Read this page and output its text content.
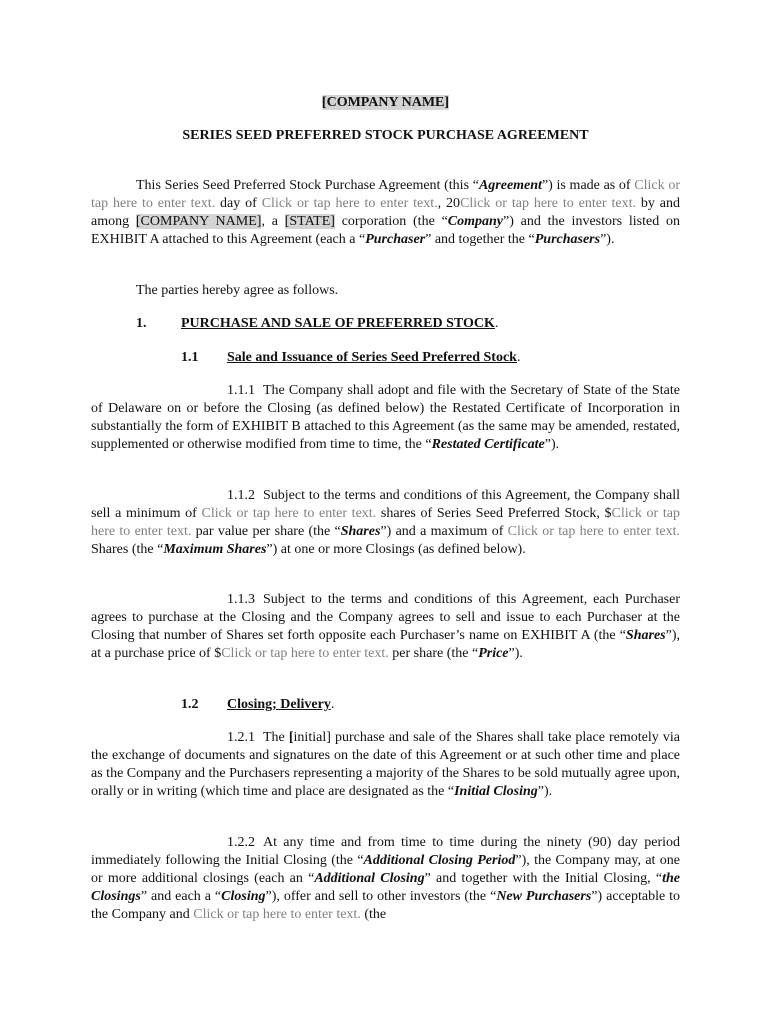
[COMPANY NAME]
SERIES SEED PREFERRED STOCK PURCHASE AGREEMENT

This Series Seed Preferred Stock Purchase Agreement (this “Agreement”) is made as of Click or tap here to enter text. day of Click or tap here to enter text., 20Click or tap here to enter text. by and among [COMPANY NAME], a [STATE] corporation (the “Company”) and the investors listed on EXHIBIT A attached to this Agreement (each a “Purchaser” and together the “Purchasers”).

The parties hereby agree as follows.
1. PURCHASE AND SALE OF PREFERRED STOCK.
1.1 Sale and Issuance of Series Seed Preferred Stock.

1.1.1 The Company shall adopt and file with the Secretary of State of the State of Delaware on or before the Closing (as defined below) the Restated Certificate of Incorporation in substantially the form of EXHIBIT B attached to this Agreement (as the same may be amended, restated, supplemented or otherwise modified from time to time, the “Restated Certificate”).

1.1.2 Subject to the terms and conditions of this Agreement, the Company shall sell a minimum of Click or tap here to enter text. shares of Series Seed Preferred Stock, $Click or tap here to enter text. par value per share (the “Shares”) and a maximum of Click or tap here to enter text. Shares (the “Maximum Shares”) at one or more Closings (as defined below).

1.1.3 Subject to the terms and conditions of this Agreement, each Purchaser agrees to purchase at the Closing and the Company agrees to sell and issue to each Purchaser at the Closing that number of Shares set forth opposite each Purchaser’s name on EXHIBIT A (the “Shares”), at a purchase price of $Click or tap here to enter text. per share (the “Price”).

1.2 Closing; Delivery.

1.2.1 The [initial] purchase and sale of the Shares shall take place remotely via the exchange of documents and signatures on the date of this Agreement or at such other time and place as the Company and the Purchasers representing a majority of the Shares to be sold mutually agree upon, orally or in writing (which time and place are designated as the “Initial Closing”).

1.2.2 At any time and from time to time during the ninety (90) day period immediately following the Initial Closing (the “Additional Closing Period”), the Company may, at one or more additional closings (each an “Additional Closing” and together with the Initial Closing, “the Closings” and each a “Closing”), offer and sell to other investors (the “New Purchasers”) acceptable to the Company and Click or tap here to enter text. (the
